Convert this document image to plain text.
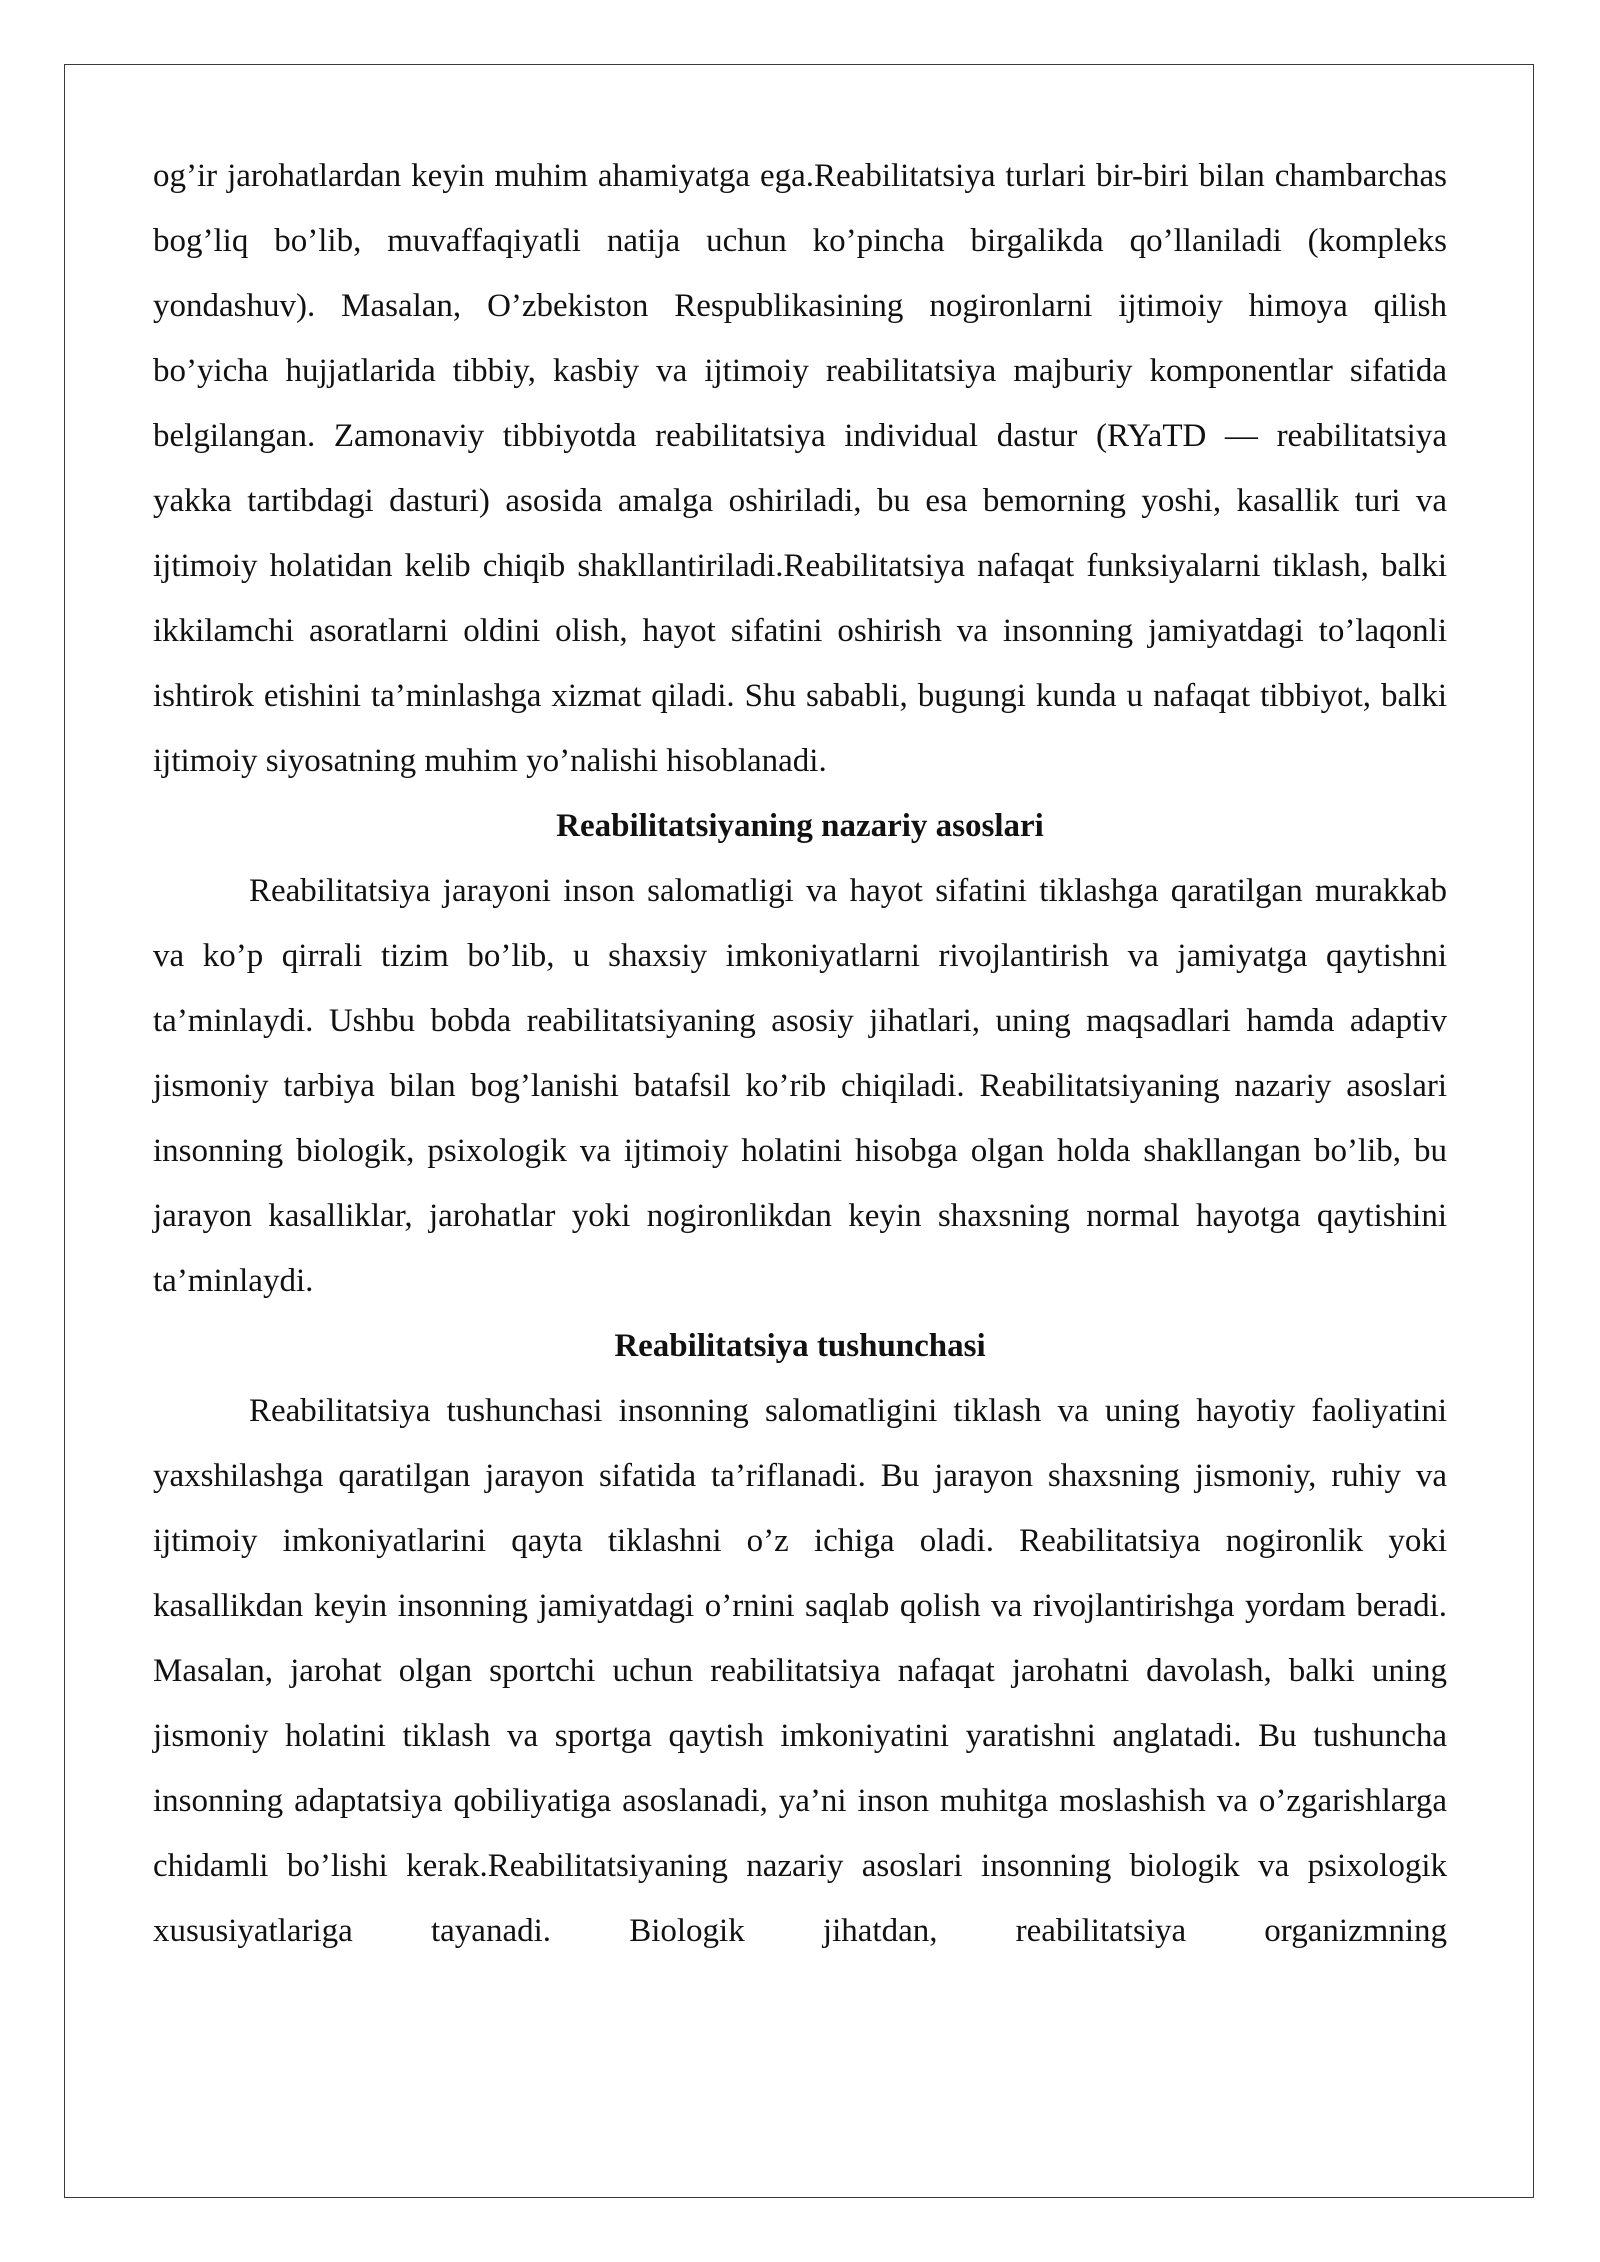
og’ir jarohatlardan keyin muhim ahamiyatga ega.Reabilitatsiya turlari bir-biri bilan chambarchas bog’liq bo’lib, muvaffaqiyatli natija uchun ko’pincha birgalikda qo’llaniladi (kompleks yondashuv). Masalan, O’zbekiston Respublikasining nogironlarni ijtimoiy himoya qilish bo’yicha hujjatlarida tibbiy, kasbiy va ijtimoiy reabilitatsiya majburiy komponentlar sifatida belgilangan. Zamonaviy tibbiyotda reabilitatsiya individual dastur (RYaTD — reabilitatsiya yakka tartibdagi dasturi) asosida amalga oshiriladi, bu esa bemorning yoshi, kasallik turi va ijtimoiy holatidan kelib chiqib shakllantiriladi.Reabilitatsiya nafaqat funksiyalarni tiklash, balki ikkilamchi asoratlarni oldini olish, hayot sifatini oshirish va insonning jamiyatdagi to’laqonli ishtirok etishini ta’minlashga xizmat qiladi. Shu sababli, bugungi kunda u nafaqat tibbiyot, balki ijtimoiy siyosatning muhim yo’nalishi hisoblanadi.

Reabilitatsiyaning nazariy asoslari

Reabilitatsiya jarayoni inson salomatligi va hayot sifatini tiklashga qaratilgan murakkab va ko’p qirrali tizim bo’lib, u shaxsiy imkoniyatlarni rivojlantirish va jamiyatga qaytishni ta’minlaydi. Ushbu bobda reabilitatsiyaning asosiy jihatlari, uning maqsadlari hamda adaptiv jismoniy tarbiya bilan bog’lanishi batafsil ko’rib chiqiladi. Reabilitatsiyaning nazariy asoslari insonning biologik, psixologik va ijtimoiy holatini hisobga olgan holda shakllangan bo’lib, bu jarayon kasalliklar, jarohatlar yoki nogironlikdan keyin shaxsning normal hayotga qaytishini ta’minlaydi.

Reabilitatsiya tushunchasi

Reabilitatsiya tushunchasi insonning salomatligini tiklash va uning hayotiy faoliyatini yaxshilashga qaratilgan jarayon sifatida ta’riflanadi. Bu jarayon shaxsning jismoniy, ruhiy va ijtimoiy imkoniyatlarini qayta tiklashni o’z ichiga oladi. Reabilitatsiya nogironlik yoki kasallikdan keyin insonning jamiyatdagi o’rnini saqlab qolish va rivojlantirishga yordam beradi. Masalan, jarohat olgan sportchi uchun reabilitatsiya nafaqat jarohatni davolash, balki uning jismoniy holatini tiklash va sportga qaytish imkoniyatini yaratishni anglatadi. Bu tushuncha insonning adaptatsiya qobiliyatiga asoslanadi, ya’ni inson muhitga moslashish va o’zgarishlarga chidamli bo’lishi kerak.Reabilitatsiyaning nazariy asoslari insonning biologik va psixologik xususiyatlariga tayanadi. Biologik jihatdan, reabilitatsiya organizmning
